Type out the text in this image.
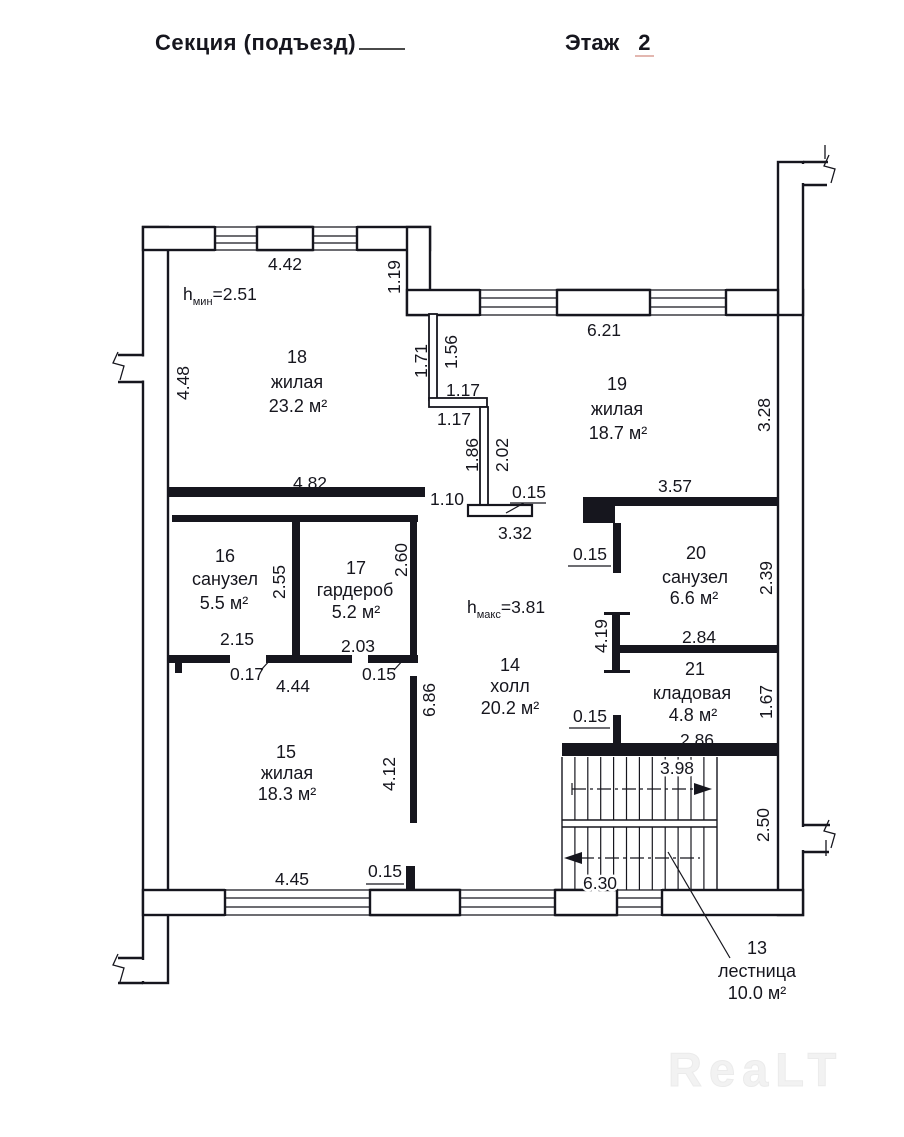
Секция (подъезд)	Этаж 2
4.42	1.19
4.48
6.21
1.71 1.56
3.28
1.17
1.17
1.86 2.02
1.10	0.15
3.32
4.82	3.57
0.15
2.55
2.60
2.39
2.15	2.03	4.19	2.84
0.17
4.44
0.15
1.67
6.86	0.15
2.86
3.98
4.12
2.50
6.30
4.45	0.15
$h_{мин}=2.51$
$h_{макс}=3.81$
18
жилая
23.2 м²
19
жилая
18.7 м²
16
санузел
5.5 м²
17
гардероб
5.2 м²
14
холл
20.2 м²
20
санузел
6.6 м²
21
кладовая
4.8 м²
15
жилая
18.3 м²
13
лестница
10.0 м²
ReaLT
